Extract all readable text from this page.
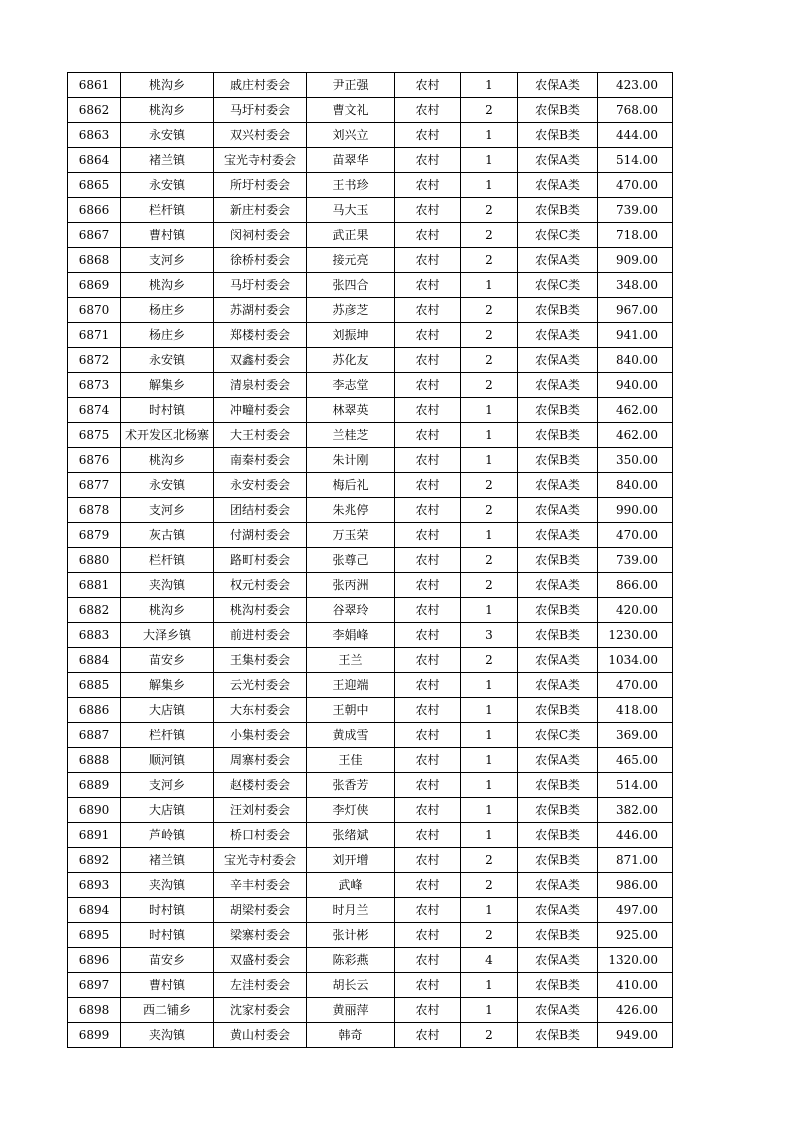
6861	桃沟乡	戚庄村委会	尹正强	农村	1	农保A类	423.00
6862	桃沟乡	马圩村委会	曹文礼	农村	2	农保B类	768.00
6863	永安镇	双兴村委会	刘兴立	农村	1	农保B类	444.00
6864	褚兰镇	宝光寺村委会	苗翠华	农村	1	农保A类	514.00
6865	永安镇	所圩村委会	王书珍	农村	1	农保A类	470.00
6866	栏杆镇	新庄村委会	马大玉	农村	2	农保B类	739.00
6867	曹村镇	闵祠村委会	武正果	农村	2	农保C类	718.00
6868	支河乡	徐桥村委会	接元亮	农村	2	农保A类	909.00
6869	桃沟乡	马圩村委会	张四合	农村	1	农保C类	348.00
6870	杨庄乡	苏湖村委会	苏彦芝	农村	2	农保B类	967.00
6871	杨庄乡	郑楼村委会	刘振坤	农村	2	农保A类	941.00
6872	永安镇	双鑫村委会	苏化友	农村	2	农保A类	840.00
6873	解集乡	清泉村委会	李志堂	农村	2	农保A类	940.00
6874	时村镇	冲疃村委会	林翠英	农村	1	农保B类	462.00
6875	术开发区北杨寨	大王村委会	兰桂芝	农村	1	农保B类	462.00
6876	桃沟乡	南秦村委会	朱计刚	农村	1	农保B类	350.00
6877	永安镇	永安村委会	梅后礼	农村	2	农保A类	840.00
6878	支河乡	团结村委会	朱兆停	农村	2	农保A类	990.00
6879	灰古镇	付湖村委会	万玉荣	农村	1	农保A类	470.00
6880	栏杆镇	路町村委会	张尊己	农村	2	农保B类	739.00
6881	夹沟镇	权元村委会	张丙洲	农村	2	农保A类	866.00
6882	桃沟乡	桃沟村委会	谷翠玲	农村	1	农保B类	420.00
6883	大泽乡镇	前进村委会	李娟峰	农村	3	农保B类	1230.00
6884	苗安乡	王集村委会	王兰	农村	2	农保A类	1034.00
6885	解集乡	云光村委会	王迎端	农村	1	农保A类	470.00
6886	大店镇	大东村委会	王朝中	农村	1	农保B类	418.00
6887	栏杆镇	小集村委会	黄成雪	农村	1	农保C类	369.00
6888	顺河镇	周寨村委会	王佳	农村	1	农保A类	465.00
6889	支河乡	赵楼村委会	张香芳	农村	1	农保B类	514.00
6890	大店镇	汪刘村委会	李灯侠	农村	1	农保B类	382.00
6891	芦岭镇	桥口村委会	张绪斌	农村	1	农保B类	446.00
6892	褚兰镇	宝光寺村委会	刘开增	农村	2	农保B类	871.00
6893	夹沟镇	辛丰村委会	武峰	农村	2	农保A类	986.00
6894	时村镇	胡梁村委会	时月兰	农村	1	农保A类	497.00
6895	时村镇	梁寨村委会	张计彬	农村	2	农保B类	925.00
6896	苗安乡	双盛村委会	陈彩燕	农村	4	农保A类	1320.00
6897	曹村镇	左洼村委会	胡长云	农村	1	农保B类	410.00
6898	西二铺乡	沈家村委会	黄丽萍	农村	1	农保A类	426.00
6899	夹沟镇	黄山村委会	韩奇	农村	2	农保B类	949.00
